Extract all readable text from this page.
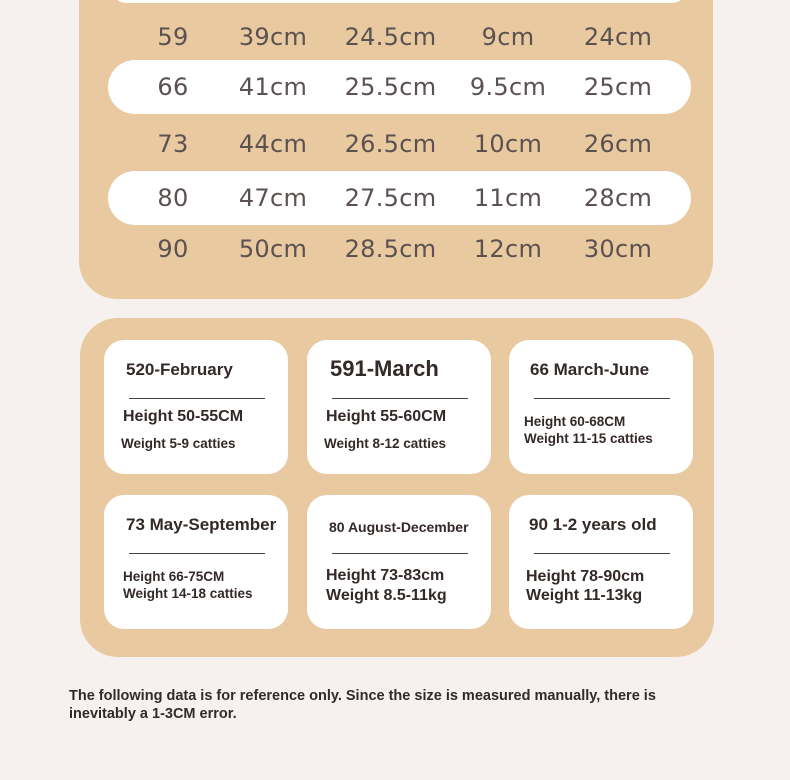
59	39cm	24.5cm	9cm	24cm
66	41cm	25.5cm	9.5cm	25cm
73	44cm	26.5cm	10cm	26cm
80	47cm	27.5cm	11cm	28cm
90	50cm	28.5cm	12cm	30cm
520-February
Height 50-55CM
Weight 5-9 catties
591-March
Height 55-60CM
Weight 8-12 catties
66 March-June
Height 60-68CM
Weight 11-15 catties
73 May-September
Height 66-75CM
Weight 14-18 catties
80 August-December
Height 73-83cm
Weight 8.5-11kg
90 1-2 years old
Height 78-90cm
Weight 11-13kg
The following data is for reference only. Since the size is measured manually, there is inevitably a 1-3CM error.
